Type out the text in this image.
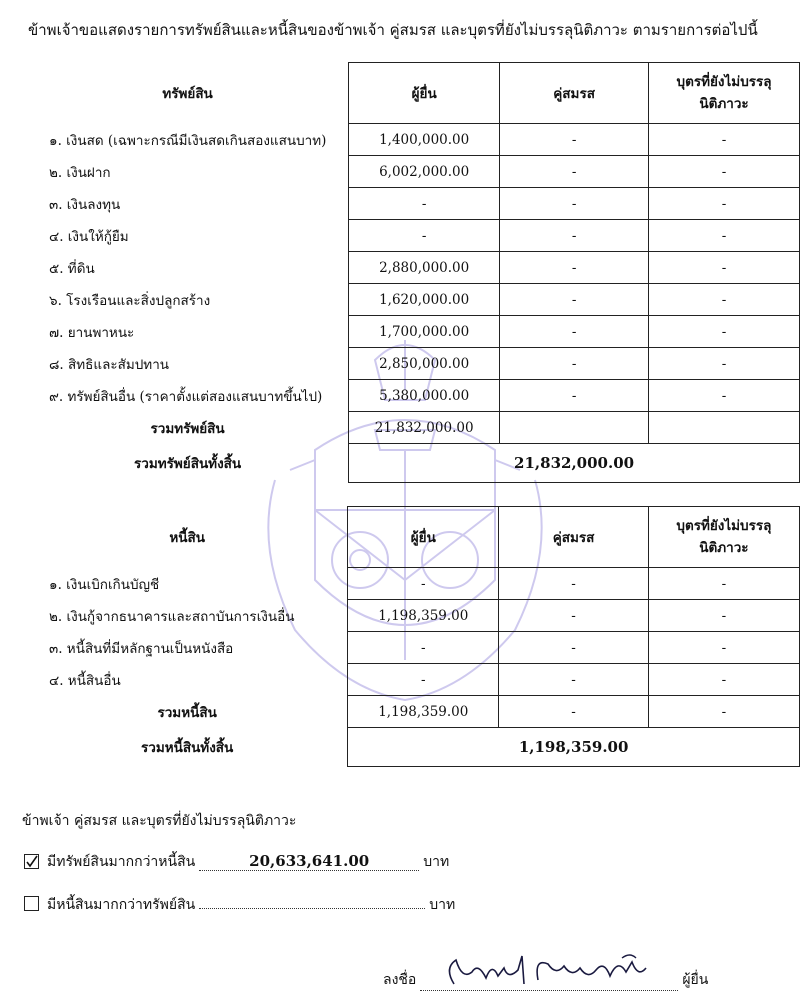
ข้าพเจ้าขอแสดงรายการทรัพย์สินและหนี้สินของข้าพเจ้า คู่สมรส และบุตรที่ยังไม่บรรลุนิติภาวะ ตามรายการต่อไปนี้
ทรัพย์สิน	ผู้ยื่น	คู่สมรส	บุตรที่ยังไม่บรรลุ
นิติภาวะ

๑. เงินสด (เฉพาะกรณีมีเงินสดเกินสองแสนบาท)	1,400,000.00	-	-
๒. เงินฝาก	6,002,000.00	-	-
๓. เงินลงทุน	-	-	-
๔. เงินให้กู้ยืม	-	-	-
๕. ที่ดิน	2,880,000.00	-	-
๖. โรงเรือนและสิ่งปลูกสร้าง	1,620,000.00	-	-
๗. ยานพาหนะ	1,700,000.00	-	-
๘. สิทธิและสัมปทาน	2,850,000.00	-	-
๙. ทรัพย์สินอื่น (ราคาตั้งแต่สองแสนบาทขึ้นไป)	5,380,000.00	-	-
รวมทรัพย์สิน	21,832,000.00		
รวมทรัพย์สินทั้งสิ้น	21,832,000.00		
หนี้สิน	ผู้ยื่น	คู่สมรส	บุตรที่ยังไม่บรรลุ
นิติภาวะ

๑. เงินเบิกเกินบัญชี	-	-	-
๒. เงินกู้จากธนาคารและสถาบันการเงินอื่น	1,198,359.00	-	-
๓. หนี้สินที่มีหลักฐานเป็นหนังสือ	-	-	-
๔. หนี้สินอื่น	-	-	-
รวมหนี้สิน	1,198,359.00	-	-
รวมหนี้สินทั้งสิ้น	1,198,359.00		
ข้าพเจ้า คู่สมรส และบุตรที่ยังไม่บรรลุนิติภาวะ
มีทรัพย์สินมากกว่าหนี้สิน	20,633,641.00	บาท
มีหนี้สินมากกว่าทรัพย์สิน	บาท
ลงชื่อ	ผู้ยื่น
